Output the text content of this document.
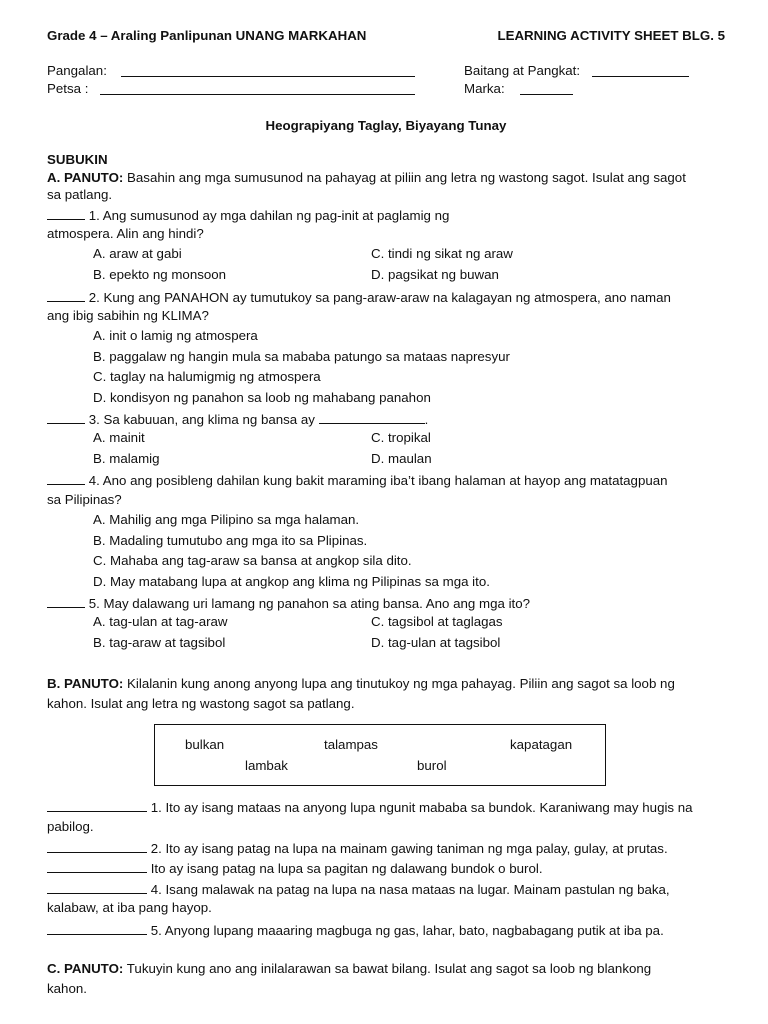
Grade 4 – Araling Panlipunan UNANG MARKAHAN	LEARNING ACTIVITY SHEET BLG. 5
Pangalan:
Petsa :
Baitang at Pangkat:
Marka:
Heograpiyang Taglay, Biyayang Tunay
SUBUKIN
A. PANUTO: Basahin ang mga sumusunod na pahayag at piliin ang letra ng wastong sagot. Isulat ang sagot
sa patlang.
1. Ang sumusunod ay mga dahilan ng pag-init at paglamig ng
atmospera. Alin ang hindi?
A. araw at gabi	C. tindi ng sikat ng araw
B. epekto ng monsoon	D. pagsikat ng buwan
2. Kung ang PANAHON ay tumutukoy sa pang-araw-araw na kalagayan ng atmospera, ano naman
ang ibig sabihin ng KLIMA?
A. init o lamig ng atmospera
B. paggalaw ng hangin mula sa mababa patungo sa mataas napresyur
C. taglay na halumigmig ng atmospera
D. kondisyon ng panahon sa loob ng mahabang panahon
3. Sa kabuuan, ang klima ng bansa ay	.
A. mainit	C. tropikal
B. malamig	D. maulan
4. Ano ang posibleng dahilan kung bakit maraming iba’t ibang halaman at hayop ang matatagpuan
sa Pilipinas?
A. Mahilig ang mga Pilipino sa mga halaman.
B. Madaling tumutubo ang mga ito sa Plipinas.
C. Mahaba ang tag-araw sa bansa at angkop sila dito.
D. May matabang lupa at angkop ang klima ng Pilipinas sa mga ito.
5. May dalawang uri lamang ng panahon sa ating bansa. Ano ang mga ito?
A. tag-ulan at tag-araw	C. tagsibol at taglagas
B. tag-araw at tagsibol	D. tag-ulan at tagsibol
B. PANUTO: Kilalanin kung anong anyong lupa ang tinutukoy ng mga pahayag. Piliin ang sagot sa loob ng
kahon. Isulat ang letra ng wastong sagot sa patlang.
bulkan	talampas	kapatagan
lambak	burol
1. Ito ay isang mataas na anyong lupa ngunit mababa sa bundok. Karaniwang may hugis na
pabilog.
2. Ito ay isang patag na lupa na mainam gawing taniman ng mga palay, gulay, at prutas.
Ito ay isang patag na lupa sa pagitan ng dalawang bundok o burol.
4. Isang malawak na patag na lupa na nasa mataas na lugar. Mainam pastulan ng baka,
kalabaw, at iba pang hayop.
5. Anyong lupang maaaring magbuga ng gas, lahar, bato, nagbabagang putik at iba pa.
C. PANUTO: Tukuyin kung ano ang inilalarawan sa bawat bilang. Isulat ang sagot sa loob ng blankong
kahon.
